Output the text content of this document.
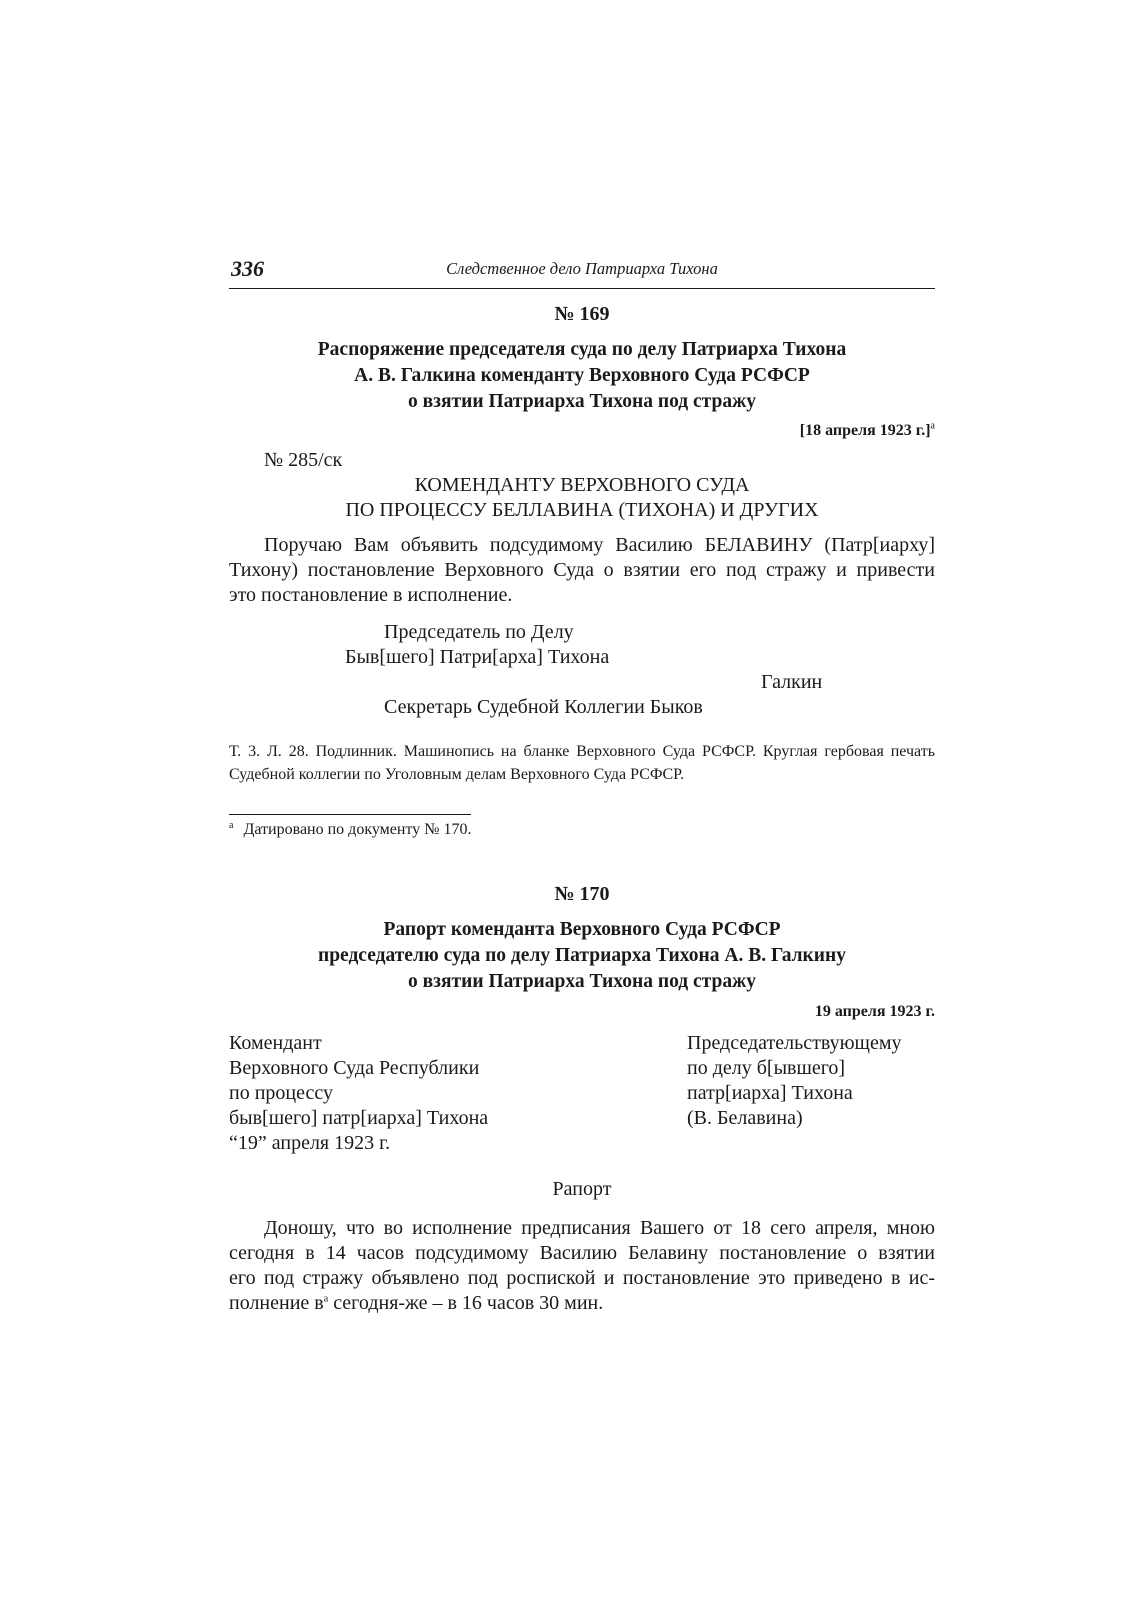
336	Следственное дело Патриарха Тихона

№ 169

Распоряжение председателя суда по делу Патриарха Тихона
А. В. Галкина коменданту Верховного Суда РСФСР
о взятии Патриарха Тихона под стражу

[18 апреля 1923 г.]$^а$

№ 285/ск
КОМЕНДАНТУ ВЕРХОВНОГО СУДА
ПО ПРОЦЕССУ БЕЛЛАВИНА (ТИХОНА) И ДРУГИХ

Поручаю Вам объявить подсудимому Василию БЕЛАВИНУ (Патр[иарху]

Тихону) постановление Верховного Суда о взятии его под стражу и привести

это постановление в исполнение.

Председатель по Делу
Быв[шего] Патри[арха] Тихона
Галкин
Секретарь Судебной Коллегии Быков

Т. 3. Л. 28. Подлинник. Машинопись на бланке Верховного Суда РСФСР. Круглая гербовая печать Судебной коллегии по Уголовным делам Верховного Суда РСФСР.

$^а$ Датировано по документу № 170.

№ 170

Рапорт коменданта Верховного Суда РСФСР
председателю суда по делу Патриарха Тихона А. В. Галкину
о взятии Патриарха Тихона под стражу

19 апреля 1923 г.

Комендант
Верховного Суда Республики
по процессу
быв[шего] патр[иарха] Тихона
“19” апреля 1923 г.
Председательствующему
по делу б[ывшего]
патр[иарха] Тихона
(В. Белавина)
Рапорт

Доношу, что во исполнение предписания Вашего от 18 сего апреля, мною

сегодня в 14 часов подсудимому Василию Белавину постановление о взятии

его под стражу объявлено под роспиской и постановление это приведено в ис-

полнение $в^а$ сегодня-же – в 16 часов 30 мин.
